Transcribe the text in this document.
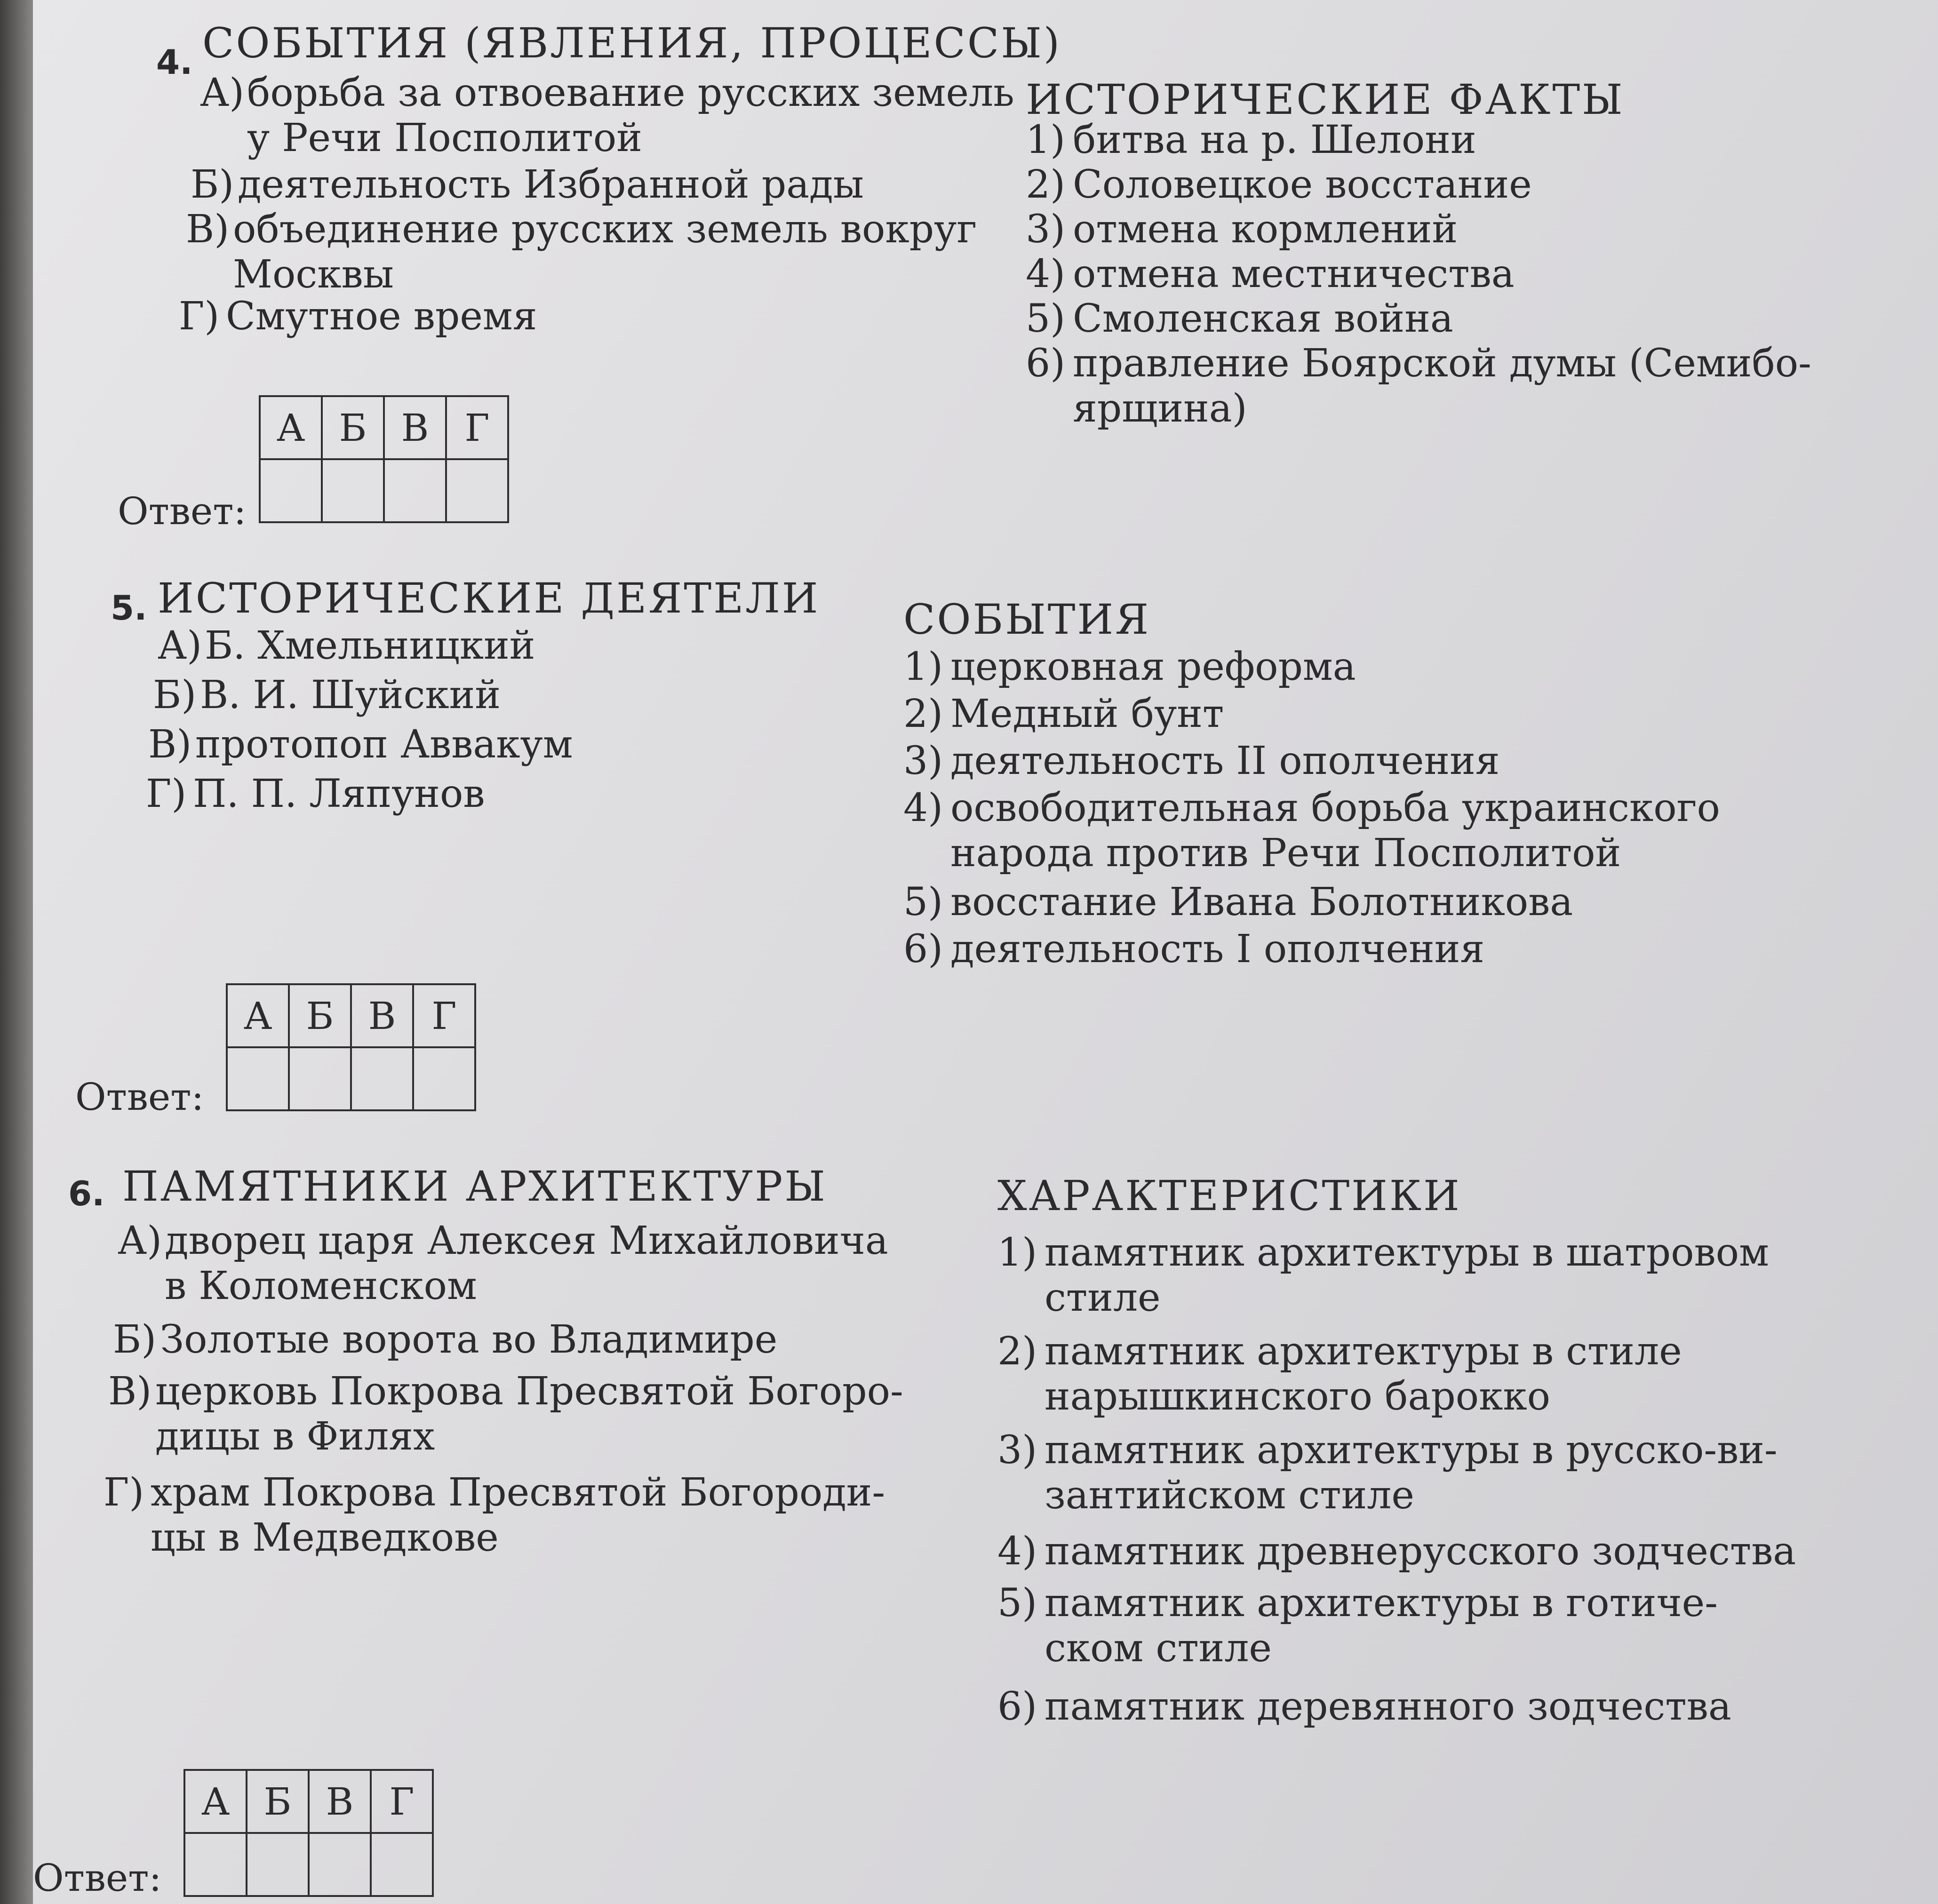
4. СОБЫТИЯ (ЯВЛЕНИЯ, ПРОЦЕССЫ)
А)борьба за отвоевание русских земель
у Речи Посполитой
Б)деятельность Избранной рады
В)объединение русских земель вокруг
Москвы
Г) Смутное время
ИСТОРИЧЕСКИЕ ФАКТЫ
1) битва на р. Шелони
2) Соловецкое восстание
3) отмена кормлений
4) отмена местничества
5) Смоленская война
6) правление Боярской думы (Семибо-
ярщина)
Ответ:
А	Б	В	Г

5. ИСТОРИЧЕСКИЕ ДЕЯТЕЛИ
А)Б. Хмельницкий
Б)В. И. Шуйский
В)протопоп Аввакум
Г) П. П. Ляпунов
СОБЫТИЯ
1) церковная реформа
2) Медный бунт
3) деятельность II ополчения
4) освободительная борьба украинского
народа против Речи Посполитой
5) восстание Ивана Болотникова
6) деятельность I ополчения
Ответ:
А	Б	В	Г

6. ПАМЯТНИКИ АРХИТЕКТУРЫ
А)дворец царя Алексея Михайловича
в Коломенском
Б)Золотые ворота во Владимире
В)церковь Покрова Пресвятой Богоро-
дицы в Филях
Г) храм Покрова Пресвятой Богороди-
цы в Медведкове
ХАРАКТЕРИСТИКИ
1) памятник архитектуры в шатровом
стиле
2) памятник архитектуры в стиле
нарышкинского барокко
3) памятник архитектуры в русско-ви-
зантийском стиле
4) памятник древнерусского зодчества
5) памятник архитектуры в готиче-
ском стиле
6) памятник деревянного зодчества
Ответ:
А	Б	В	Г
